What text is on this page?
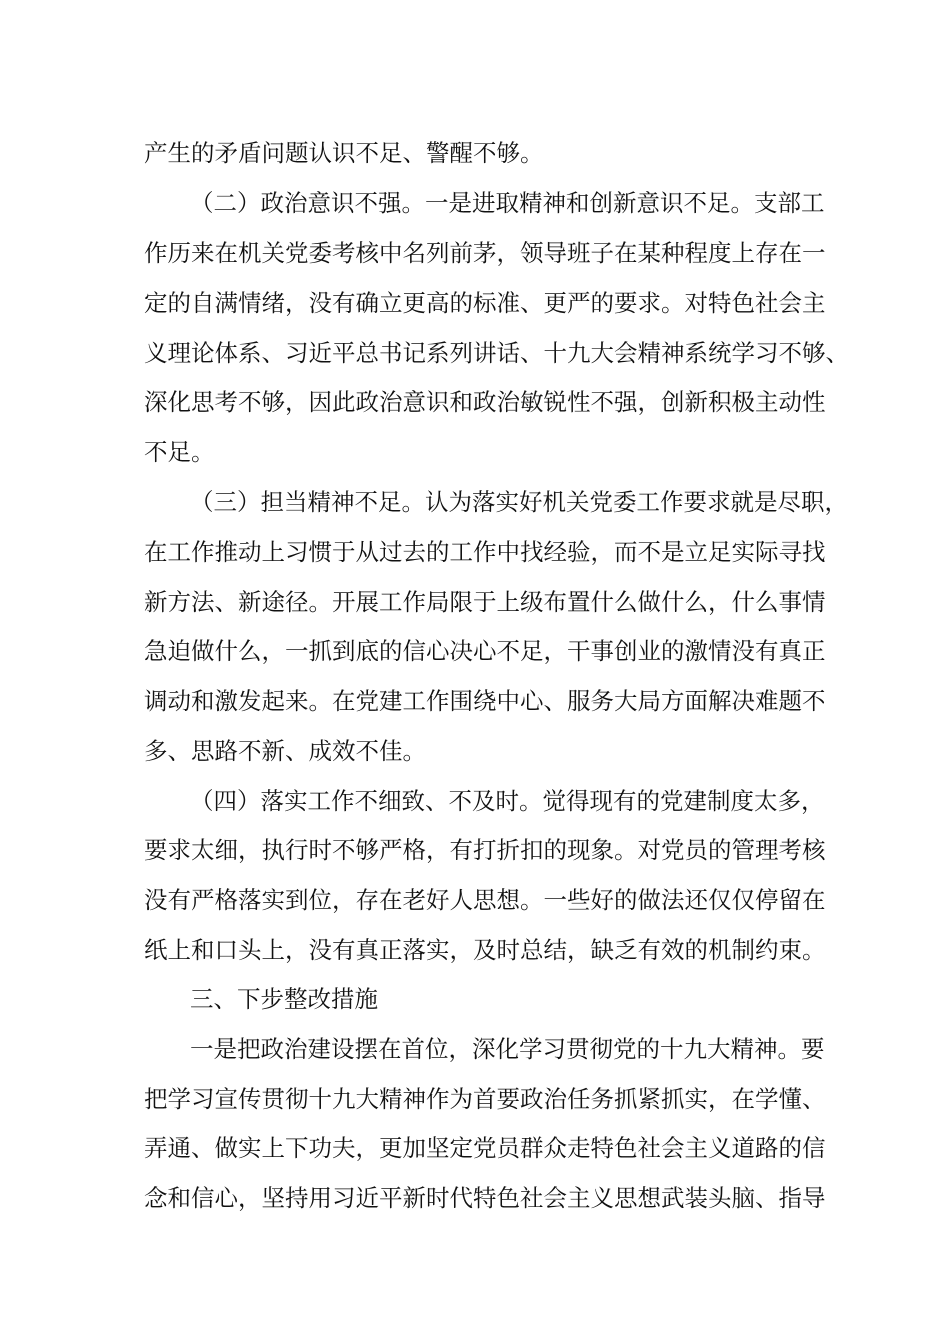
产生的矛盾问题认识不足、警醒不够。
（二）政治意识不强。一是进取精神和创新意识不足。支部工
作历来在机关党委考核中名列前茅，领导班子在某种程度上存在一
定的自满情绪，没有确立更高的标准、更严的要求。对特色社会主
义理论体系、习近平总书记系列讲话、十九大会精神系统学习不够、
深化思考不够，因此政治意识和政治敏锐性不强，创新积极主动性
不足。
（三）担当精神不足。认为落实好机关党委工作要求就是尽职，
在工作推动上习惯于从过去的工作中找经验，而不是立足实际寻找
新方法、新途径。开展工作局限于上级布置什么做什么，什么事情
急迫做什么，一抓到底的信心决心不足，干事创业的激情没有真正
调动和激发起来。在党建工作围绕中心、服务大局方面解决难题不
多、思路不新、成效不佳。
（四）落实工作不细致、不及时。觉得现有的党建制度太多，
要求太细，执行时不够严格，有打折扣的现象。对党员的管理考核
没有严格落实到位，存在老好人思想。一些好的做法还仅仅停留在
纸上和口头上，没有真正落实，及时总结，缺乏有效的机制约束。
三、下步整改措施
一是把政治建设摆在首位，深化学习贯彻党的十九大精神。要
把学习宣传贯彻十九大精神作为首要政治任务抓紧抓实，在学懂、
弄通、做实上下功夫，更加坚定党员群众走特色社会主义道路的信
念和信心，坚持用习近平新时代特色社会主义思想武装头脑、指导
